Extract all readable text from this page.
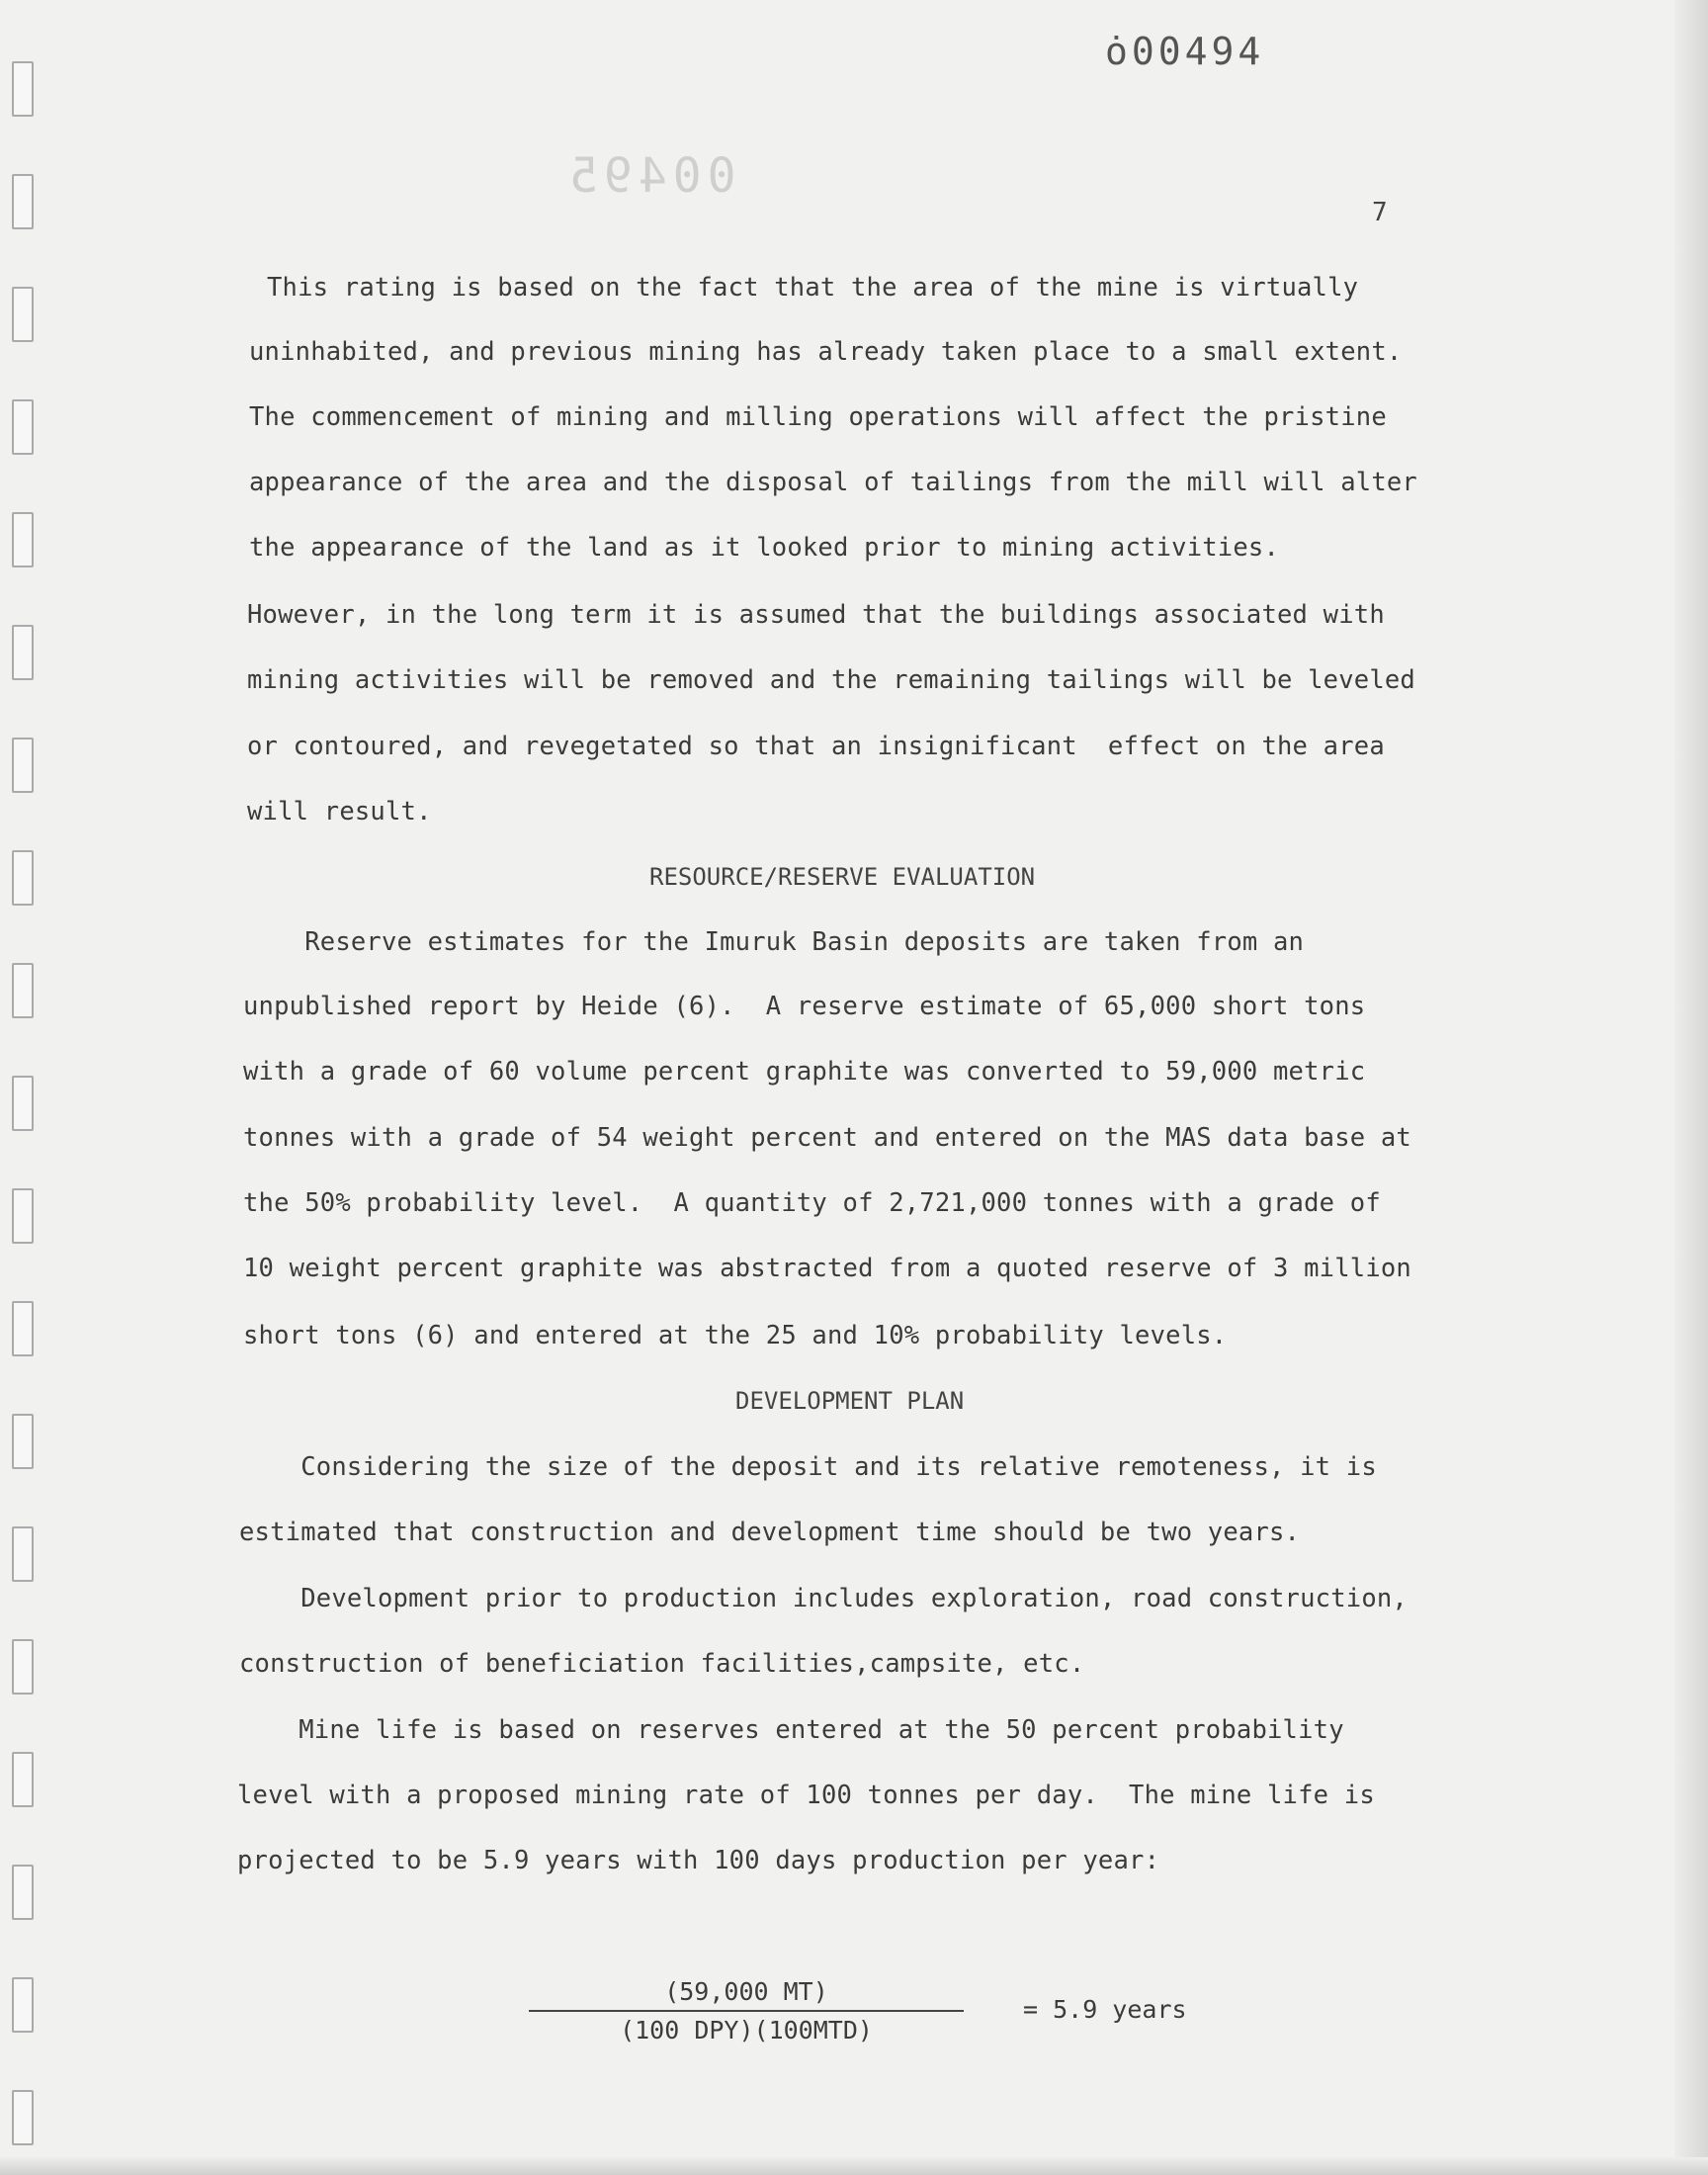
ȯ00494
00495
7
This rating is based on the fact that the area of the mine is virtually
uninhabited, and previous mining has already taken place to a small extent.
The commencement of mining and milling operations will affect the pristine
appearance of the area and the disposal of tailings from the mill will alter
the appearance of the land as it looked prior to mining activities.
However, in the long term it is assumed that the buildings associated with
mining activities will be removed and the remaining tailings will be leveled
or contoured, and revegetated so that an insignificant  effect on the area
will result.
RESOURCE/RESERVE EVALUATION
Reserve estimates for the Imuruk Basin deposits are taken from an
unpublished report by Heide (6).  A reserve estimate of 65,000 short tons
with a grade of 60 volume percent graphite was converted to 59,000 metric
tonnes with a grade of 54 weight percent and entered on the MAS data base at
the 50% probability level.  A quantity of 2,721,000 tonnes with a grade of
10 weight percent graphite was abstracted from a quoted reserve of 3 million
short tons (6) and entered at the 25 and 10% probability levels.
DEVELOPMENT PLAN
Considering the size of the deposit and its relative remoteness, it is
estimated that construction and development time should be two years.
Development prior to production includes exploration, road construction,
construction of beneficiation facilities,campsite, etc.
Mine life is based on reserves entered at the 50 percent probability
level with a proposed mining rate of 100 tonnes per day.  The mine life is
projected to be 5.9 years with 100 days production per year:
(59,000 MT)
(100 DPY)(100MTD)
= 5.9 years
